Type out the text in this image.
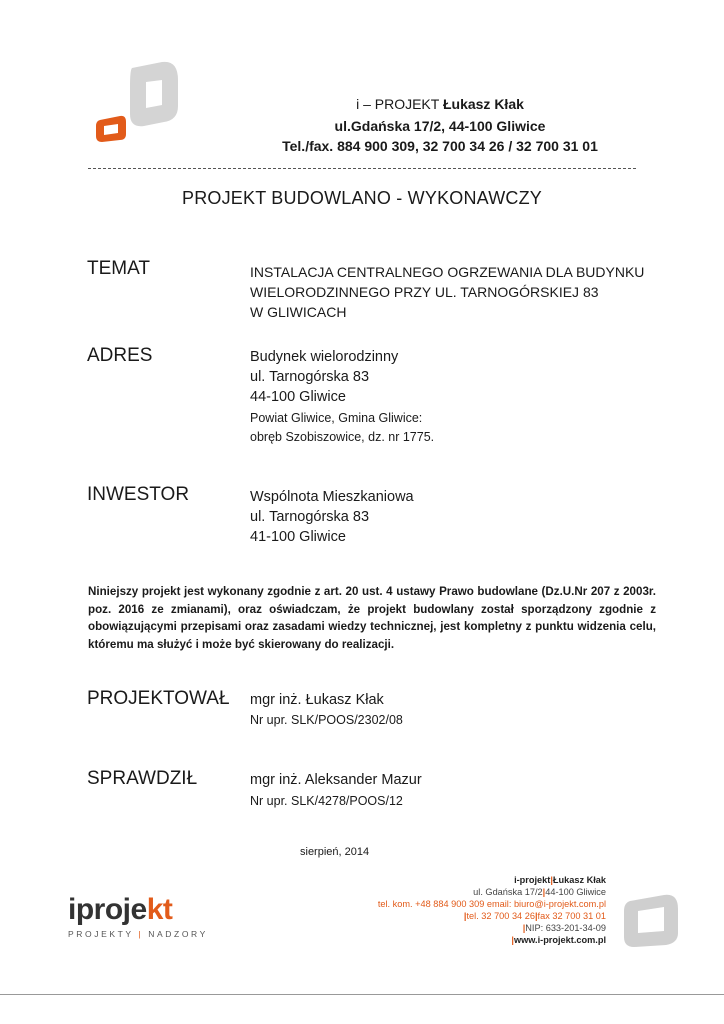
i – PROJEKT Łukasz Kłak
ul.Gdańska 17/2, 44-100 Gliwice
Tel./fax. 884 900 309, 32 700 34 26 / 32 700 31 01
PROJEKT BUDOWLANO - WYKONAWCZY
TEMAT	INSTALACJA CENTRALNEGO OGRZEWANIA DLA BUDYNKU
WIELORODZINNEGO PRZY UL. TARNOGÓRSKIEJ 83
W GLIWICACH
ADRES	Budynek wielorodzinny
ul. Tarnogórska 83
44-100 Gliwice
Powiat Gliwice, Gmina Gliwice:
obręb Szobiszowice, dz. nr 1775.
INWESTOR	Wspólnota Mieszkaniowa
ul. Tarnogórska 83
41-100 Gliwice
Niniejszy projekt jest wykonany zgodnie z art. 20 ust. 4 ustawy Prawo budowlane (Dz.U.Nr 207 z 2003r. poz. 2016 ze zmianami), oraz oświadczam, że projekt budowlany został sporządzony zgodnie z obowiązującymi przepisami oraz zasadami wiedzy technicznej, jest kompletny z punktu widzenia celu, któremu ma służyć i może być skierowany do realizacji.
PROJEKTOWAŁ mgr inż. Łukasz Kłak
Nr upr. SLK/POOS/2302/08
SPRAWDZIŁ	mgr inż. Aleksander Mazur
Nr upr. SLK/4278/POOS/12
sierpień, 2014
iprojekt
PROJEKTY | NADZORY
i-projekt|Łukasz Kłak
ul. Gdańska 17/2|44-100 Gliwice
tel. kom. +48 884 900 309 email: biuro@i-projekt.com.pl
|tel. 32 700 34 26|fax 32 700 31 01
|NIP: 633-201-34-09
|www.i-projekt.com.pl
